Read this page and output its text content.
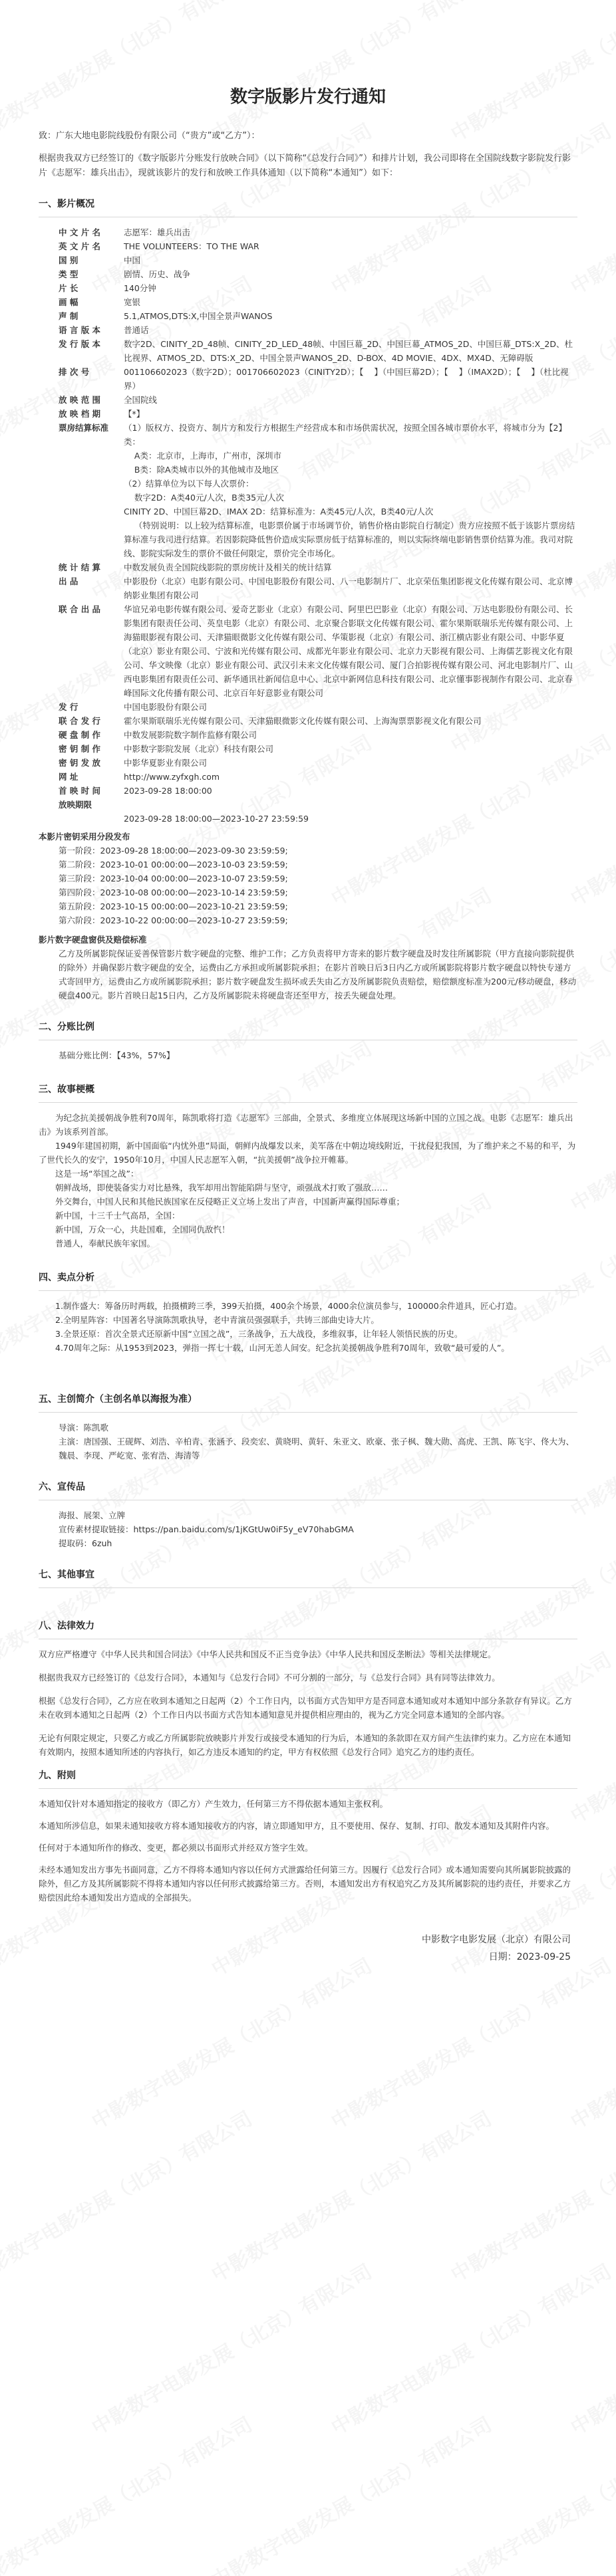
数字版影片发行通知

致：广东大地电影院线股份有限公司（“贵方”或“乙方”）：

根据贵我双方已经签订的《数字版影片分账发行放映合同》（以下简称“《总发行合同》”）和排片计划，我公司即将在全国院线数字影院发行影片《志愿军：雄兵出击》，现就该影片的发行和放映工作具体通知（以下简称“本通知”）如下：

一、影片概况

中 文 片 名	志愿军：雄兵出击
英 文 片 名	THE VOLUNTEERS：TO THE WAR
国 别	中国
类 型	剧情、历史、战争
片 长	140分钟
画 幅	宽银
声 制	5.1,ATMOS,DTS:X,中国全景声WANOS
语 言 版 本	普通话
发 行 版 本	数字2D、CINITY_2D_48帧、CINITY_2D_LED_48帧、中国巨幕_2D、中国巨幕_ATMOS_2D、中国巨幕_DTS:X_2D、杜比视界、ATMOS_2D、DTS:X_2D、中国全景声WANOS_2D、D-BOX、4D MOVIE、4DX、MX4D、无障碍版
排 次 号	001106602023（数字2D）；001706602023（CINITY2D）；【    】（中国巨幕2D）；【    】（IMAX2D）；【    】（杜比视界）
放 映 范 围	全国院线
放 映 档 期	【*】
票房结算标准	（1）版权方、投资方、制片方和发行方根据生产经营成本和市场供需状况，按照全国各城市票价水平，将城市分为【2】类：
A类：北京市，上海市，广州市，深圳市
B类：除A类城市以外的其他城市及地区
（2）结算单位为以下每人次票价：
数字2D：A类40元/人次，B类35元/人次
CINITY 2D、中国巨幕2D、IMAX 2D：结算标准为：A类45元/人次，B类40元/人次
（特别说明：以上较为结算标准，电影票价属于市场调节价，销售价格由影院自行制定）贵方应按照不低于该影片票房结算标准与我司进行结算。若因影院降低售价造成实际票房低于结算标准的，则以实际终端电影销售票价结算为准。我司对院线、影院实际发生的票价不做任何限定，票价完全市场化。
统 计 结 算	中数发展负责全国院线影院的票房统计及相关的统计结算
出 品	中影股份（北京）电影有限公司、中国电影股份有限公司、八一电影制片厂、北京荣伍集团影视文化传媒有限公司、北京博纳影业集团有限公司
联 合 出 品	华谊兄弟电影传媒有限公司、爱奇艺影业（北京）有限公司、阿里巴巴影业（北京）有限公司、万达电影股份有限公司、长影集团有限责任公司、英皇电影（北京）有限公司、北京聚合影联文化传媒有限公司、霍尔果斯联瑞乐光传媒有限公司、上海猫眼影视有限公司、天津猫眼微影文化传媒有限公司、华策影视（北京）有限公司、浙江横店影业有限公司、中影华夏（北京）影业有限公司、宁波和光传媒有限公司、成都光年影业有限公司、北京力天影视有限公司、上海儒艺影视文化有限公司、华文映像（北京）影业有限公司、武汉引未来文化传媒有限公司、厦门合拍影视传媒有限公司、河北电影制片厂、山西电影集团有限责任公司、新华通讯社新闻信息中心、北京中新网信息科技有限公司、北京懂事影视制作有限公司、北京春峰国际文化传播有限公司、北京百年好意影业有限公司
发 行	中国电影股份有限公司
联 合 发 行	霍尔果斯联瑞乐光传媒有限公司、天津猫眼微影文化传媒有限公司、上海淘票票影视文化有限公司
硬 盘 制 作	中数发展影院数字制作监修有限公司
密 钥 制 作	中影数字影院发展（北京）科技有限公司
密 钥 发 放	中影华夏影业有限公司
网 址	http://www.zyfxgh.com
首 映 时 间	2023-09-28 18:00:00
放映期限

2023-09-28 18:00:00—2023-10-27 23:59:59

本影片密钥采用分段发布

第一阶段：2023-09-28 18:00:00—2023-09-30 23:59:59;
第二阶段：2023-10-01 00:00:00—2023-10-03 23:59:59;
第三阶段：2023-10-04 00:00:00—2023-10-07 23:59:59;
第四阶段：2023-10-08 00:00:00—2023-10-14 23:59:59;
第五阶段：2023-10-15 00:00:00—2023-10-21 23:59:59;
第六阶段：2023-10-22 00:00:00—2023-10-27 23:59:59;

影片数字硬盘窗供及赔偿标准

乙方及所属影院保证妥善保管影片数字硬盘的完整、维护工作；乙方负责将甲方寄来的影片数字硬盘及时发往所属影院（甲方直接向影院提供的除外）并确保影片数字硬盘的安全，运费由乙方承担或所属影院承担；在影片首映日后3日内乙方或所属影院将影片数字硬盘以特快专递方式寄回甲方，运费由乙方或所属影院承担；影片数字硬盘发生损坏或丢失由乙方及所属影院负责赔偿，赔偿额度标准为200元/移动硬盘，移动硬盘400元。影片首映日起15日内，乙方及所属影院未将硬盘寄还至甲方，按丢失硬盘处理。

二、分账比例

基础分账比例：【43%，57%】

三、故事梗概

为纪念抗美援朝战争胜利70周年，陈凯歌将打造《志愿军》三部曲，全景式、多维度立体展现这场新中国的立国之战。电影《志愿军：雄兵出击》为该系列首部。

1949年建国初期，新中国面临“内忧外患”局面，朝鲜内战爆发以来，美军落在中朝边境线附近，干扰侵犯我国，为了维护来之不易的和平，为了世代长久的安宁，1950年10月，中国人民志愿军入朝，“抗美援朝”战争拉开帷幕。

这是一场“举国之战”：

朝鲜战场，即使装备实力对比悬殊，我军却用出智能陷阱与坚守，顽强战术打败了强敌……

外交舞台，中国人民和其他民族国家在反侵略正义立场上发出了声音，中国新声赢得国际尊重；

新中国，十三千士气高昂，全国：

新中国，万众一心，共赴国难，全国同仇敌忾！

普通人，奉献民族年家国。

四、卖点分析

1.制作盛大：筹备历时两载，拍摄横跨三季，399天拍摄，400余个场景，4000余位演员参与，100000余件道具，匠心打造。

2.全明星阵容：中国著名导演陈凯歌执导，老中青演员强强联手，共铸三部曲史诗大片。

3.全景还原：首次全景式还原新中国“立国之战”，三条战争，五大战役，多维叙事，让年轻人领悟民族的历史。

4.70周年之际：从1953到2023，弹指一挥七十载，山河无恙人间安。纪念抗美援朝战争胜利70周年，致敬“最可爱的人”。

五、主创简介（主创名单以海报为准）

导演：陈凯歌

主演：唐国强、王砚辉、刘浩、辛柏青、张涵予、段奕宏、黄晓明、黄轩、朱亚文、欧豪、张子枫、魏大勋、高虎、王凯、陈飞宇、佟大为、魏晨、李现、严屹宽、张宥浩、海清等

六、宣传品

海报、展架、立牌

宣传素材提取链接：https://pan.baidu.com/s/1jKGtUw0iF5y_eV70habGMA

提取码：6zuh

七、其他事宜

八、法律效力

双方应严格遵守《中华人民共和国合同法》《中华人民共和国反不正当竞争法》《中华人民共和国反垄断法》等相关法律规定。

根据贵我双方已经签订的《总发行合同》，本通知与《总发行合同》不可分割的一部分，与《总发行合同》具有同等法律效力。

根据《总发行合同》，乙方应在收到本通知之日起两（2）个工作日内，以书面方式告知甲方是否同意本通知或对本通知中部分条款存有异议。乙方未在收到本通知之日起两（2）个工作日内以书面方式告知本通知意见并提供相应理由的，视为乙方完全同意本通知的全部内容。

无论有何限定规定，只要乙方或乙方所属影院放映影片并发行或接受本通知的行为后，本通知的条款即在双方间产生法律约束力。乙方应在本通知有效期内，按照本通知所述的内容执行，如乙方违反本通知的约定，甲方有权依照《总发行合同》追究乙方的违约责任。

九、附则

本通知仅针对本通知指定的接收方（即乙方）产生效力，任何第三方不得依据本通知主张权利。

本通知所涉信息，如果未通知接收方将本通知接收方的内容，请立即通知甲方，且不要使用、保存、复制、打印、散发本通知及其附件内容。

任何对于本通知所作的修改、变更，都必须以书面形式并经双方签字生效。

未经本通知发出方事先书面同意，乙方不得将本通知内容以任何方式泄露给任何第三方。因履行《总发行合同》或本通知需要向其所属影院披露的除外，但乙方及其所属影院不得将本通知内容以任何形式披露给第三方。否则，本通知发出方有权追究乙方及其所属影院的违约责任，并要求乙方赔偿因此给本通知发出方造成的全部损失。

中影数字电影发展（北京）有限公司

日期：2023-09-25
